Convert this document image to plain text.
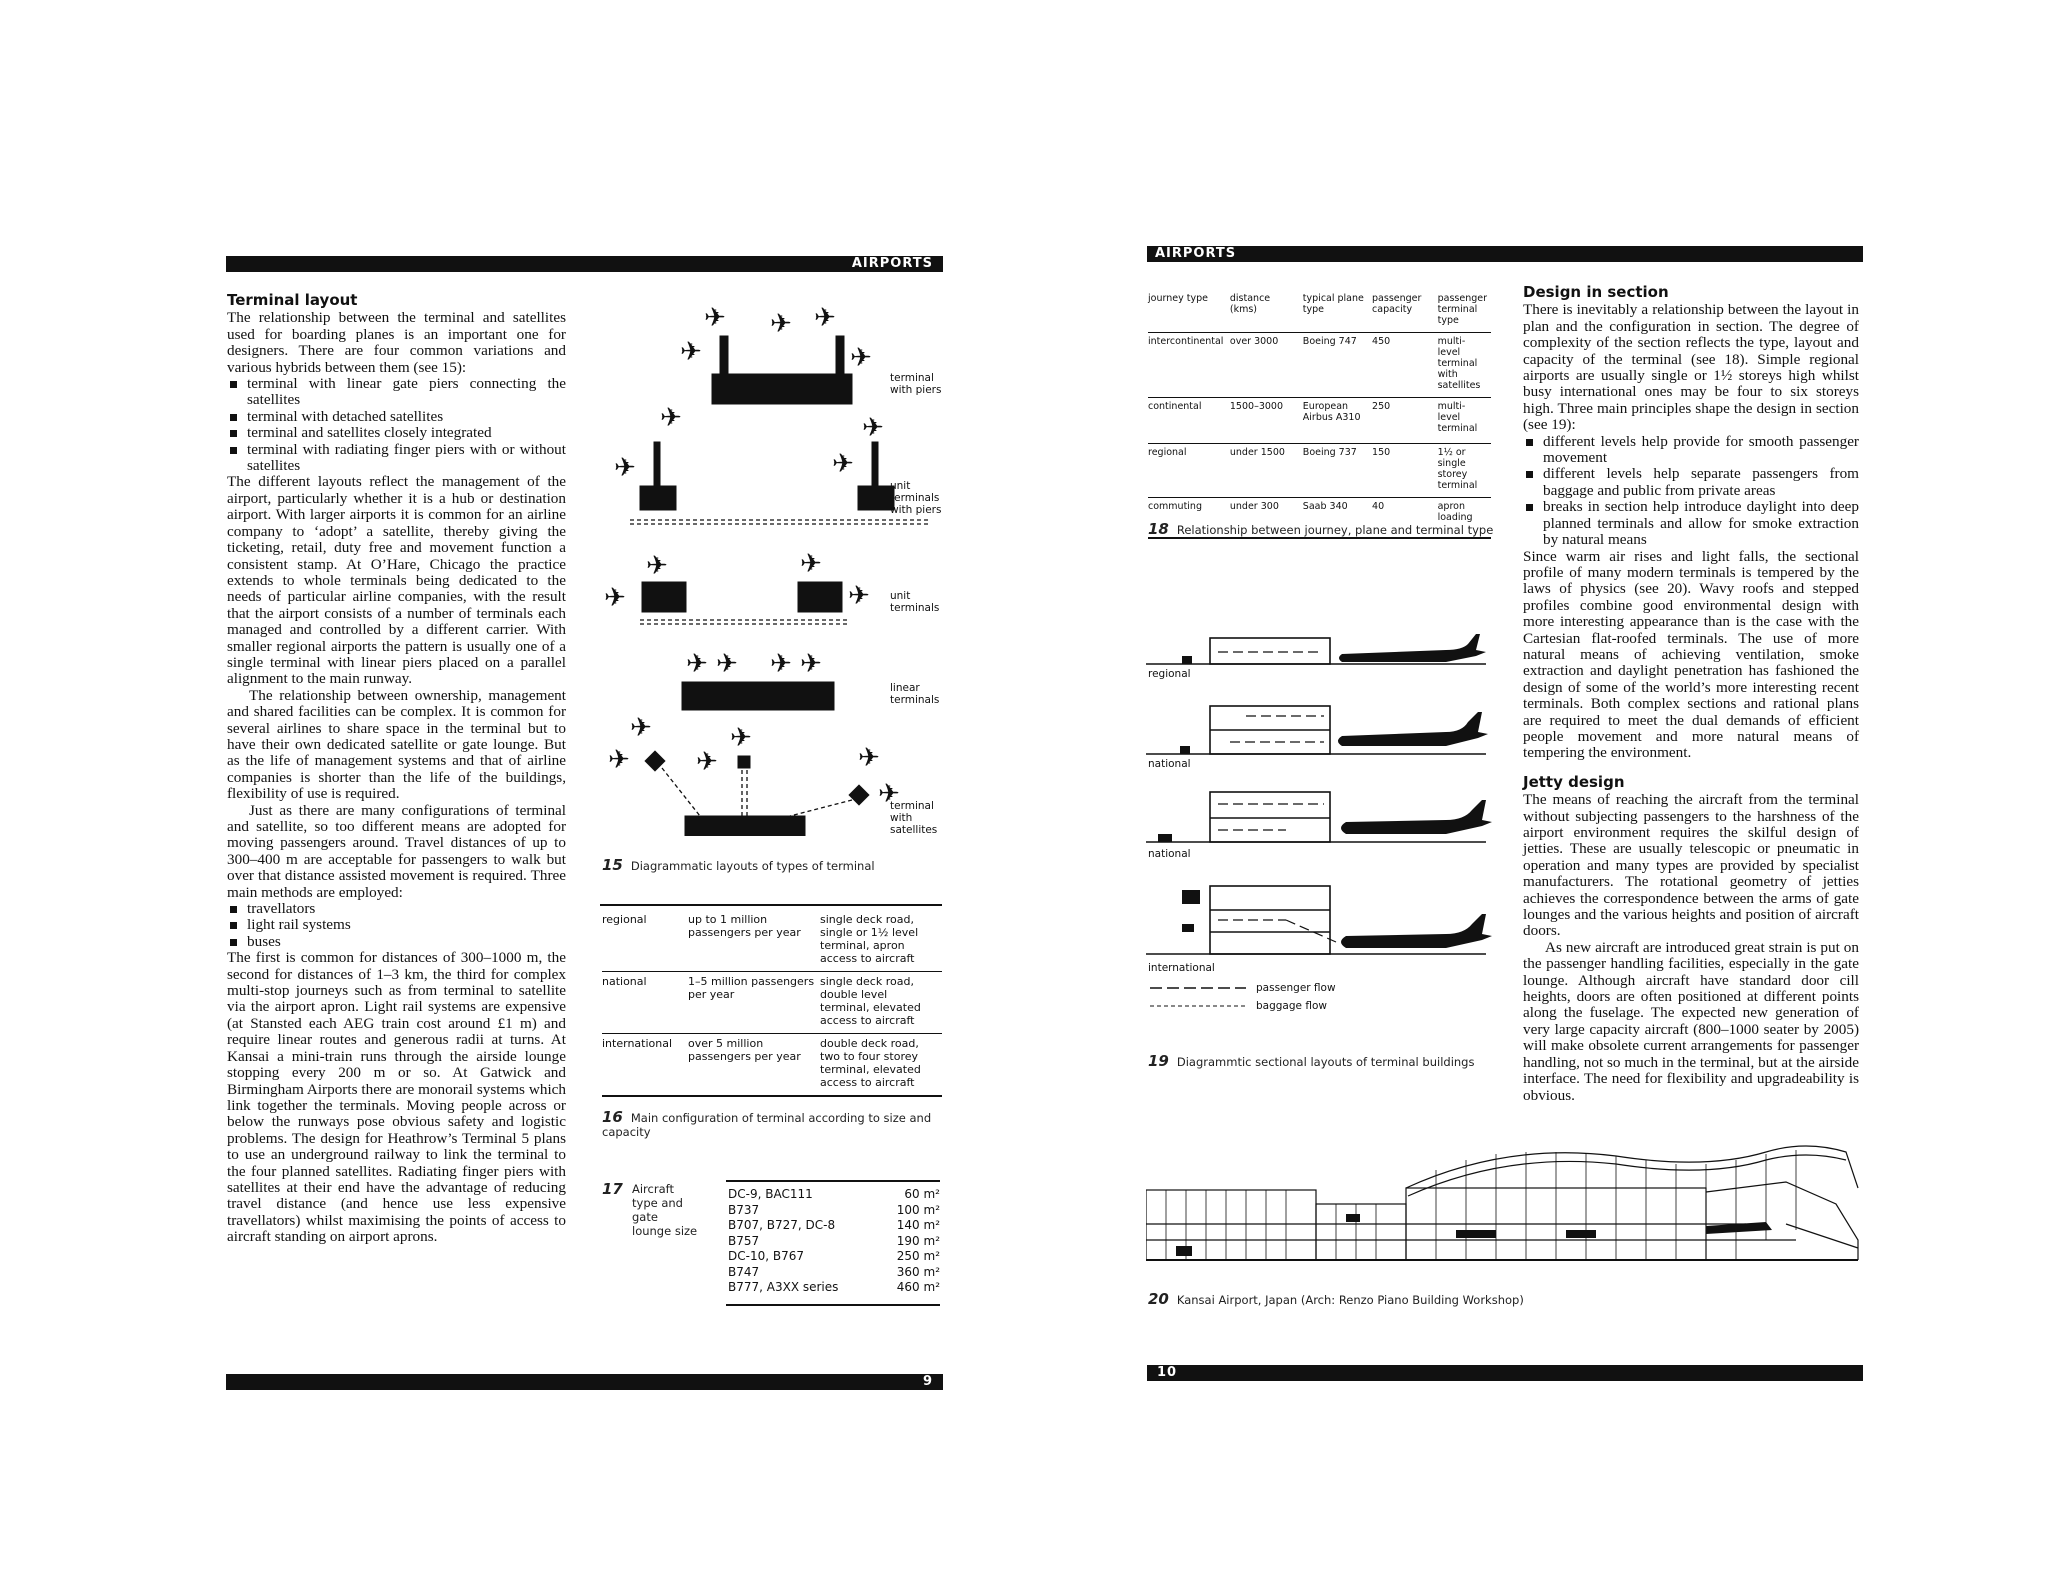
AIRPORTS
Terminal layout

The relationship between the terminal and satellites used for boarding planes is an important one for designers. There are four common variations and various hybrids between them (see 15):

terminal with linear gate piers connecting the satellites
terminal with detached satellites
terminal and satellites closely integrated
terminal with radiating finger piers with or without satellites

The different layouts reflect the management of the airport, particularly whether it is a hub or destination airport. With larger airports it is common for an airline company to ‘adopt’ a satellite, thereby giving the ticketing, retail, duty free and movement function a consistent stamp. At O’Hare, Chicago the practice extends to whole terminals being dedicated to the needs of particular airline companies, with the result that the airport consists of a number of terminals each managed and controlled by a different carrier. With smaller regional airports the pattern is usually one of a single terminal with linear piers placed on a parallel alignment to the main runway.

The relationship between ownership, management and shared facilities can be complex. It is common for several airlines to share space in the terminal but to have their own dedicated satellite or gate lounge. But as the life of management systems and that of airline companies is shorter than the life of the buildings, flexibility of use is required.

Just as there are many configurations of terminal and satellite, so too different means are adopted for moving passengers around. Travel distances of up to 300–400 m are acceptable for passengers to walk but over that distance assisted movement is required. Three main methods are employed:

travellators
light rail systems
buses

The first is common for distances of 300–1000 m, the second for distances of 1–3 km, the third for complex multi-stop journeys such as from terminal to satellite via the airport apron. Light rail systems are expensive (at Stansted each AEG train cost around £1 m) and require linear routes and generous radii at turns. At Kansai a mini-train runs through the airside lounge stopping every 200 m or so. At Gatwick and Birmingham Airports there are monorail systems which link together the terminals. Moving people across or below the runways pose obvious safety and logistic problems. The design for Heathrow’s Terminal 5 plans to use an underground railway to link the terminal to the four planned satellites. Radiating finger piers with satellites at their end have the advantage of reducing travel distance (and hence use less expensive travellators) whilst maximising the points of access to aircraft standing on airport aprons.

✈ ✈ ✈
✈	✈
✈
✈
✈
✈
✈
✈
✈
✈
✈ ✈ ✈ ✈
✈
✈
✈
✈	✈
✈
terminal with piers
unit terminals with piers
unit terminals
linear terminals
terminal with satellites
15 Diagrammatic layouts of types of terminal
regional	up to 1 million passengers per year	single deck road, single or 1½ level terminal, apron access to aircraft
national	1–5 million passengers per year	single deck road, double level terminal, elevated access to aircraft
international	over 5 million passengers per year	double deck road, two to four storey terminal, elevated access to aircraft
16 Main configuration of terminal according to size and capacity
17 Aircraft type and gate lounge size
DC-9, BAC111	60 m²
B737	100 m²
B707, B727, DC-8	140 m²
B757	190 m²
DC-10, B767	250 m²
B747	360 m²
B777, A3XX series	460 m²
9
AIRPORTS
journey type	distance (kms)	typical plane type	passenger capacity	passenger terminal type
intercontinental	over 3000	Boeing 747	450	multi-level terminal with satellites
continental	1500–3000	European Airbus A310	250	multi-level terminal
regional	under 1500	Boeing 737	150	1½ or single storey terminal
commuting	under 300	Saab 340	40	apron loading
18 Relationship between journey, plane and terminal type
regional
national
national
international
passenger flow
baggage flow
19 Diagrammtic sectional layouts of terminal buildings
Design in section

There is inevitably a relationship between the layout in plan and the configuration in section. The degree of complexity of the section reflects the type, layout and capacity of the terminal (see 18). Simple regional airports are usually single or 1½ storeys high whilst busy international ones may be four to six storeys high. Three main principles shape the design in section (see 19):

different levels help provide for smooth passenger movement
different levels help separate passengers from baggage and public from private areas
breaks in section help introduce daylight into deep planned terminals and allow for smoke extraction by natural means

Since warm air rises and light falls, the sectional profile of many modern terminals is tempered by the laws of physics (see 20). Wavy roofs and stepped profiles combine good environmental design with more interesting appearance than is the case with the Cartesian flat-roofed terminals. The use of more natural means of achieving ventilation, smoke extraction and daylight penetration has fashioned the design of some of the world’s more interesting recent terminals. Both complex sections and rational plans are required to meet the dual demands of efficient people movement and more natural means of tempering the environment.

Jetty design

The means of reaching the aircraft from the terminal without subjecting passengers to the harshness of the airport environment requires the skilful design of jetties. These are usually telescopic or pneumatic in operation and many types are provided by specialist manufacturers. The rotational geometry of jetties achieves the correspondence between the arms of gate lounges and the various heights and position of aircraft doors.

As new aircraft are introduced great strain is put on the passenger handling facilities, especially in the gate lounge. Although aircraft have standard door cill heights, doors are often positioned at different points along the fuselage. The expected new generation of very large capacity aircraft (800–1000 seater by 2005) will make obsolete current arrangements for passenger handling, not so much in the terminal, but at the airside interface. The need for flexibility and upgradeability is obvious.

20 Kansai Airport, Japan (Arch: Renzo Piano Building Workshop)
10
